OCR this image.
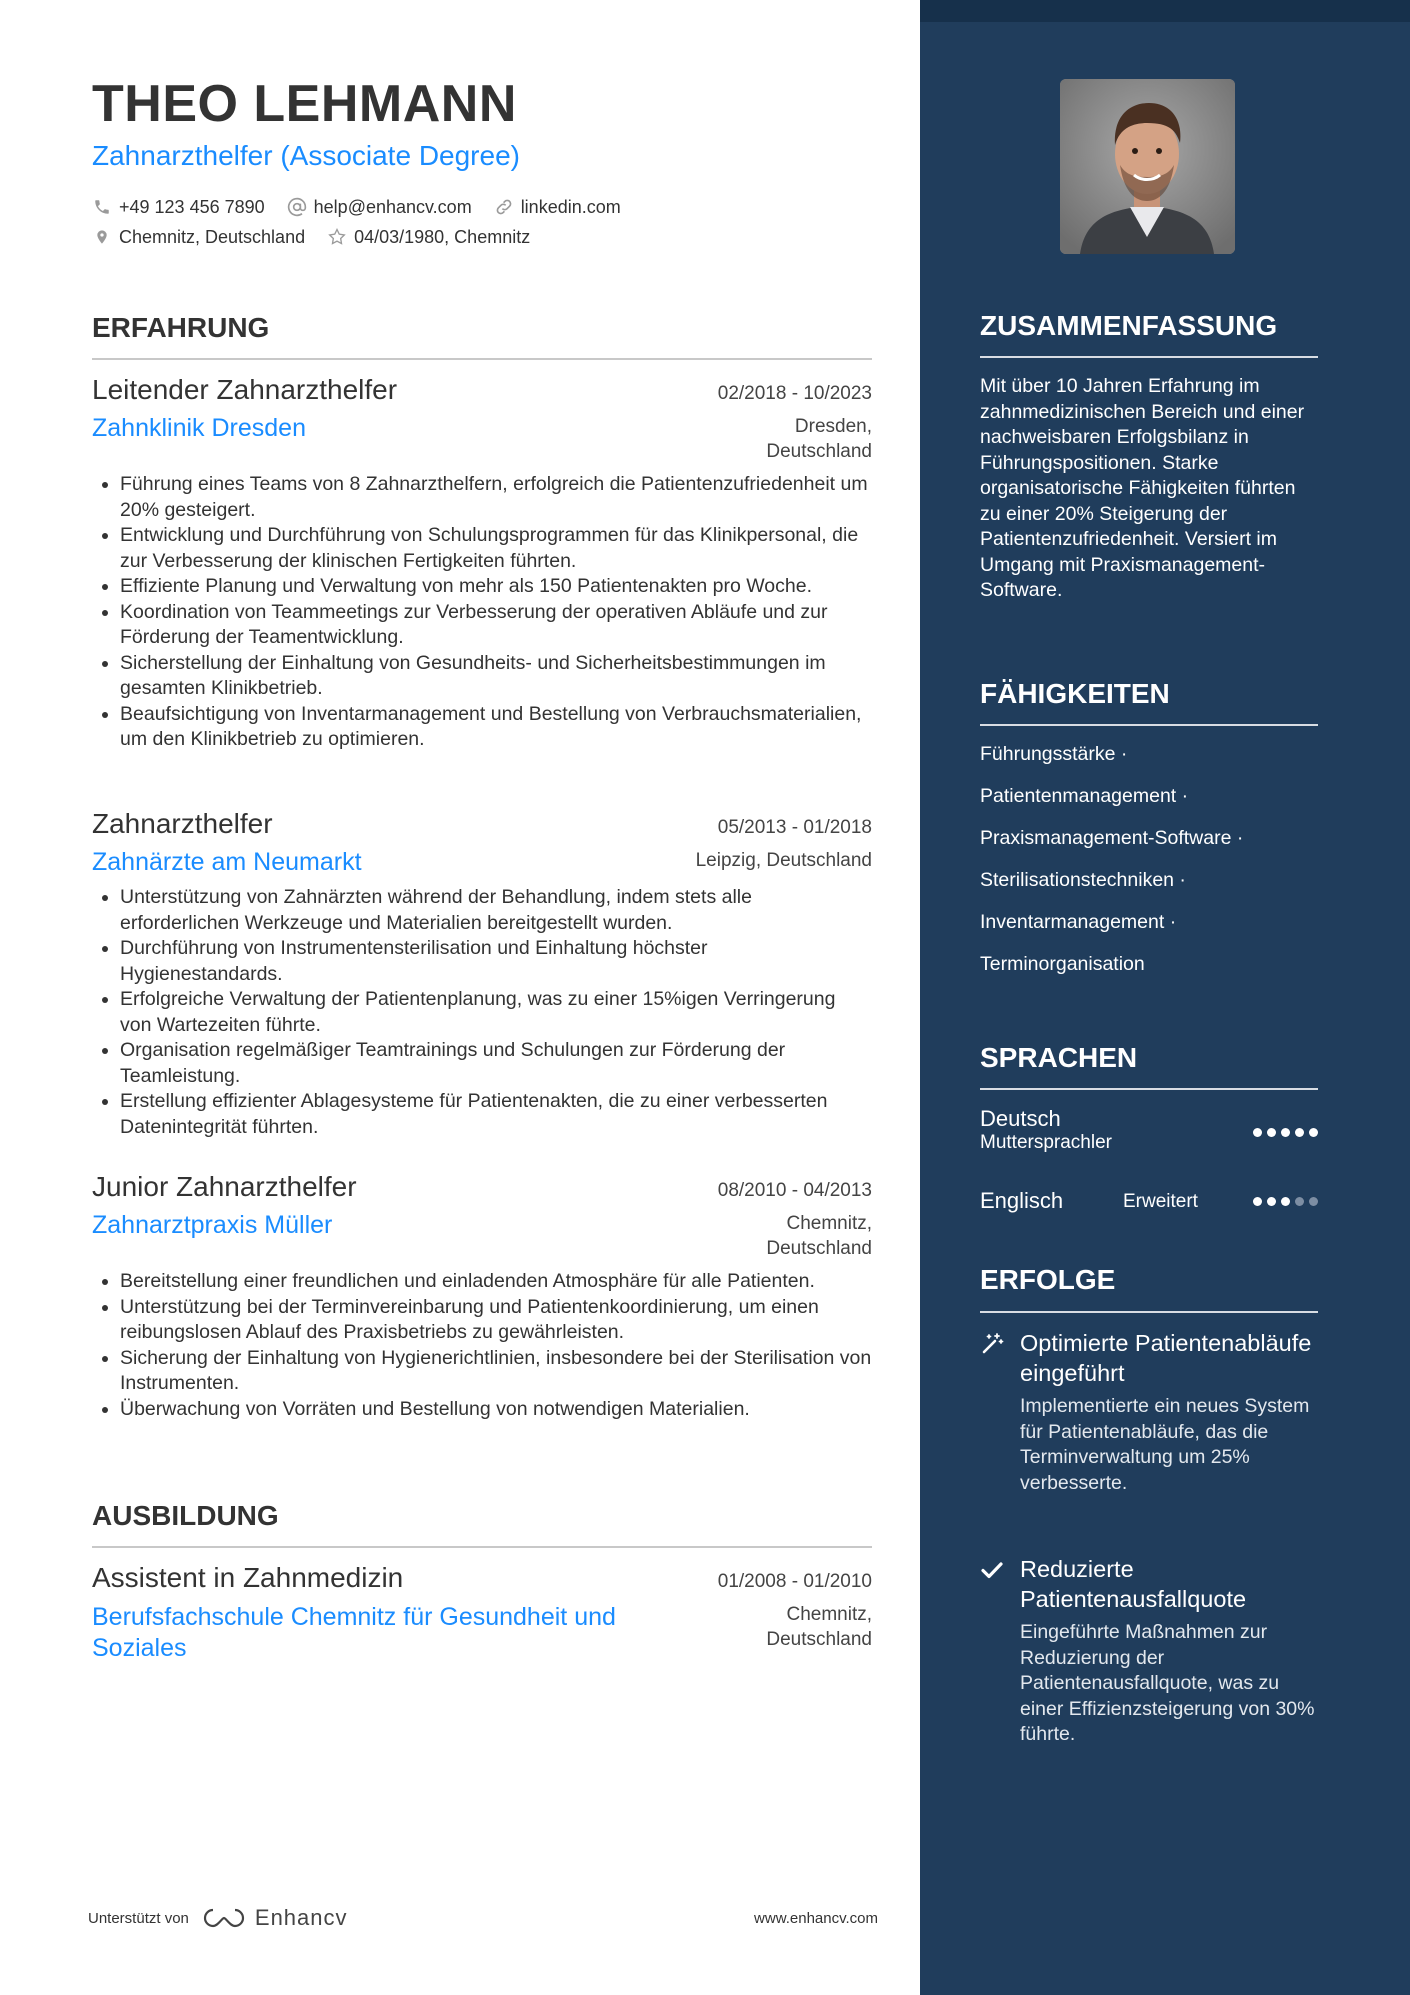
THEO LEHMANN
Zahnarzthelfer (Associate Degree)
+49 123 456 7890	help@enhancv.com	linkedin.com
Chemnitz, Deutschland	04/03/1980, Chemnitz
ERFAHRUNG
Leitender Zahnarzthelfer	02/2018 - 10/2023
Zahnklinik Dresden	Dresden, Deutschland
• Führung eines Teams von 8 Zahnarzthelfern, erfolgreich die Patientenzufriedenheit um 20% gesteigert.
• Entwicklung und Durchführung von Schulungsprogrammen für das Klinikpersonal, die zur Verbesserung der klinischen Fertigkeiten führten.
• Effiziente Planung und Verwaltung von mehr als 150 Patientenakten pro Woche.
• Koordination von Teammeetings zur Verbesserung der operativen Abläufe und zur Förderung der Teamentwicklung.
• Sicherstellung der Einhaltung von Gesundheits- und Sicherheitsbestimmungen im gesamten Klinikbetrieb.
• Beaufsichtigung von Inventarmanagement und Bestellung von Verbrauchsmaterialien, um den Klinikbetrieb zu optimieren.
Zahnarzthelfer	05/2013 - 01/2018
Zahnärzte am Neumarkt	Leipzig, Deutschland
• Unterstützung von Zahnärzten während der Behandlung, indem stets alle erforderlichen Werkzeuge und Materialien bereitgestellt wurden.
• Durchführung von Instrumentensterilisation und Einhaltung höchster Hygienestandards.
• Erfolgreiche Verwaltung der Patientenplanung, was zu einer 15%igen Verringerung von Wartezeiten führte.
• Organisation regelmäßiger Teamtrainings und Schulungen zur Förderung der Teamleistung.
• Erstellung effizienter Ablagesysteme für Patientenakten, die zu einer verbesserten Datenintegrität führten.
Junior Zahnarzthelfer	08/2010 - 04/2013
Zahnarztpraxis Müller	Chemnitz, Deutschland
• Bereitstellung einer freundlichen und einladenden Atmosphäre für alle Patienten.
• Unterstützung bei der Terminvereinbarung und Patientenkoordinierung, um einen reibungslosen Ablauf des Praxisbetriebs zu gewährleisten.
• Sicherung der Einhaltung von Hygienerichtlinien, insbesondere bei der Sterilisation von Instrumenten.
• Überwachung von Vorräten und Bestellung von notwendigen Materialien.
AUSBILDUNG
Assistent in Zahnmedizin	01/2008 - 01/2010
Berufsfachschule Chemnitz für Gesundheit und Soziales
Chemnitz, Deutschland
Unterstützt von	Enhancv	www.enhancv.com
ZUSAMMENFASSUNG
Mit über 10 Jahren Erfahrung im zahnmedizinischen Bereich und einer nachweisbaren Erfolgsbilanz in Führungspositionen. Starke organisatorische Fähigkeiten führten zu einer 20% Steigerung der Patientenzufriedenheit. Versiert im Umgang mit Praxismanagement-Software.
FÄHIGKEITEN
Führungsstärke ·
Patientenmanagement ·
Praxismanagement-Software ·
Sterilisationstechniken ·
Inventarmanagement ·
Terminorganisation
SPRACHEN
Deutsch
Muttersprachler
Englisch	Erweitert
ERFOLGE
Optimierte Patientenabläufe eingeführt
Implementierte ein neues System für Patientenabläufe, das die Terminverwaltung um 25% verbesserte.
Reduzierte Patientenausfallquote
Eingeführte Maßnahmen zur Reduzierung der Patientenausfallquote, was zu einer Effizienzsteigerung von 30% führte.
